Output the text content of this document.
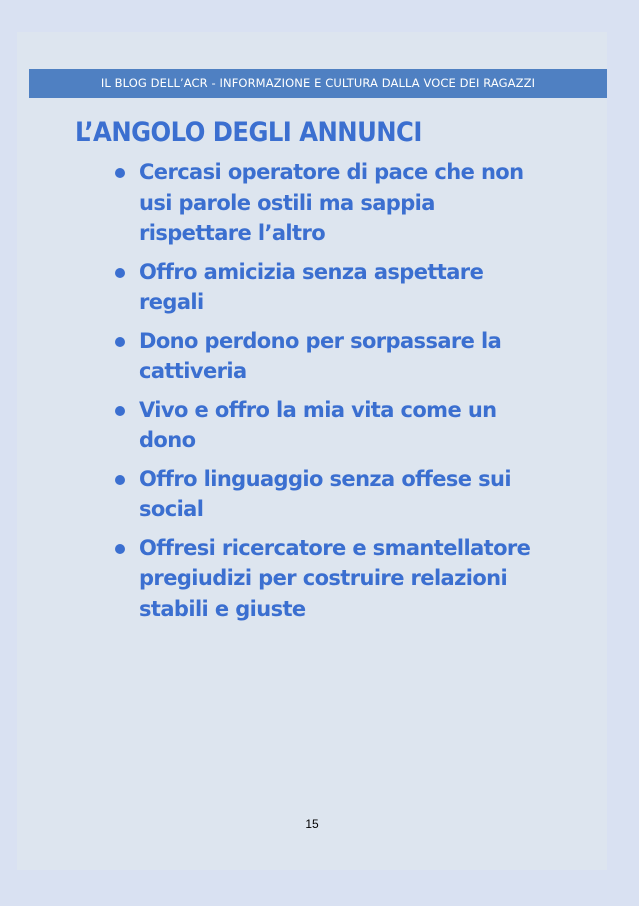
IL BLOG DELL’ACR - INFORMAZIONE E CULTURA DALLA VOCE DEI RAGAZZI
L’ANGOLO DEGLI ANNUNCI
Cercasi operatore di pace che non usi parole ostili ma sappia rispettare l’altro
Offro amicizia senza aspettare regali
Dono perdono per sorpassare la cattiveria
Vivo e offro la mia vita come un dono
Offro linguaggio senza offese sui social
Offresi ricercatore e smantellatore pregiudizi per costruire relazioni stabili e giuste
15
